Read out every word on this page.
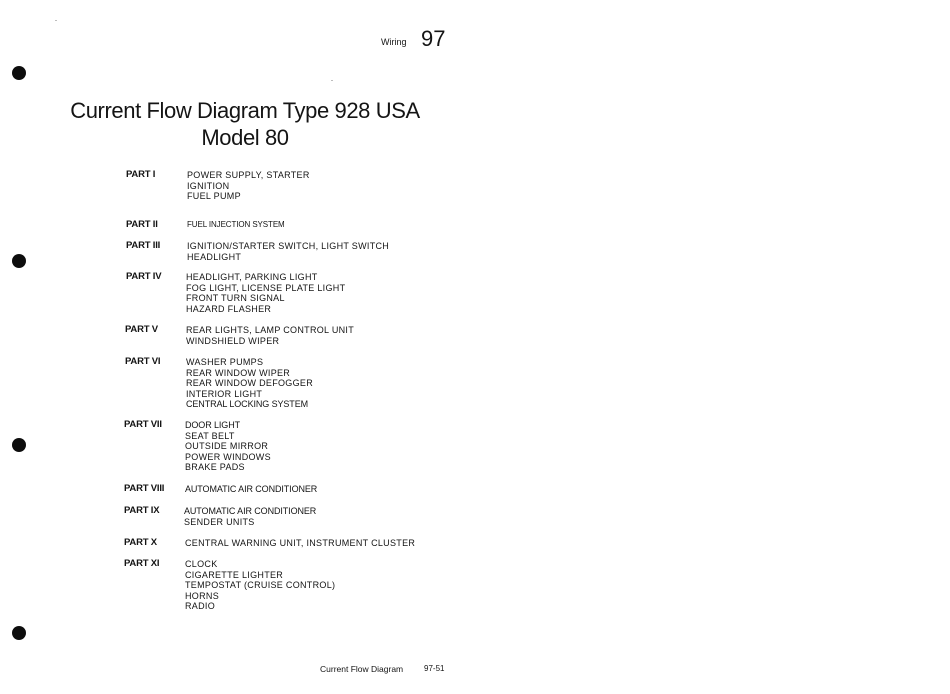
Wiring 97
Current Flow Diagram Type 928 USA
Model 80
PART I	POWER SUPPLY, STARTER
IGNITION
FUEL PUMP
PART II	FUEL INJECTION SYSTEM
PART III	IGNITION/STARTER SWITCH, LIGHT SWITCH
HEADLIGHT
PART IV	HEADLIGHT, PARKING LIGHT
FOG LIGHT, LICENSE PLATE LIGHT
FRONT TURN SIGNAL
HAZARD FLASHER
PART V	REAR LIGHTS, LAMP CONTROL UNIT
WINDSHIELD WIPER
PART VI	WASHER PUMPS
REAR WINDOW WIPER
REAR WINDOW DEFOGGER
INTERIOR LIGHT
CENTRAL LOCKING SYSTEM
PART VII	DOOR LIGHT
SEAT BELT
OUTSIDE MIRROR
POWER WINDOWS
BRAKE PADS
PART VIII AUTOMATIC AIR CONDITIONER
PART IX	AUTOMATIC AIR CONDITIONER
SENDER UNITS
PART X	CENTRAL WARNING UNIT, INSTRUMENT CLUSTER
PART XI	CLOCK
CIGARETTE LIGHTER
TEMPOSTAT (CRUISE CONTROL)
HORNS
RADIO
Current Flow Diagram	97-51
